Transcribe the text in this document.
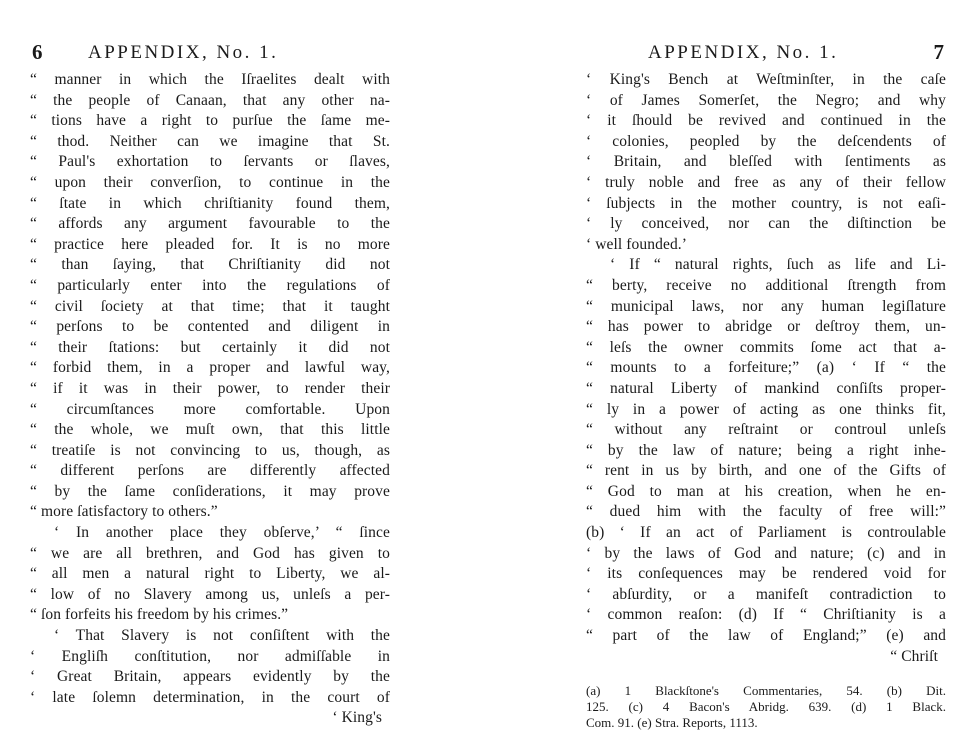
6 APPENDIX, No. 1.
“ manner in which the Iſraelites dealt with
“ the people of Canaan, that any other na-
“ tions have a right to purſue the ſame me-
“ thod. Neither can we imagine that St.
“ Paul's exhortation to ſervants or ſlaves,
“ upon their converſion, to continue in the
“ ſtate in which chriſtianity found them,
“ affords any argument favourable to the
“ practice here pleaded for. It is no more
“ than ſaying, that Chriſtianity did not
“ particularly enter into the regulations of
“ civil ſociety at that time; that it taught
“ perſons to be contented and diligent in
“ their ſtations: but certainly it did not
“ forbid them, in a proper and lawful way,
“ if it was in their power, to render their
“ circumſtances more comfortable. Upon
“ the whole, we muſt own, that this little
“ treatiſe is not convincing to us, though, as
“ different perſons are differently affected
“ by the ſame conſiderations, it may prove
“ more ſatisfactory to others.”
‘ In another place they obſerve,’ “ ſince
“ we are all brethren, and God has given to
“ all men a natural right to Liberty, we al-
“ low of no Slavery among us, unleſs a per-
“ ſon forfeits his freedom by his crimes.”
‘ That Slavery is not conſiſtent with the
‘ Engliſh conſtitution, nor admiſſable in
‘ Great Britain, appears evidently by the
‘ late ſolemn determination, in the court of
‘ King's
APPENDIX, No. 1.	7
‘ King's Bench at Weſtminſter, in the caſe
‘ of James Somerſet, the Negro; and why
‘ it ſhould be revived and continued in the
‘ colonies, peopled by the deſcendents of
‘ Britain, and bleſſed with ſentiments as
‘ truly noble and free as any of their fellow
‘ ſubjects in the mother country, is not eaſi-
‘ ly conceived, nor can the diſtinction be
‘ well founded.’
‘ If “ natural rights, ſuch as life and Li-
“ berty, receive no additional ſtrength from
“ municipal laws, nor any human legiſlature
“ has power to abridge or deſtroy them, un-
“ leſs the owner commits ſome act that a-
“ mounts to a forfeiture;” (a) ‘ If “ the
“ natural Liberty of mankind conſiſts proper-
“ ly in a power of acting as one thinks fit,
“ without any reſtraint or controul unleſs
“ by the law of nature; being a right inhe-
“ rent in us by birth, and one of the Gifts of
“ God to man at his creation, when he en-
“ dued him with the faculty of free will:”
(b) ‘ If an act of Parliament is controulable
‘ by the laws of God and nature; (c) and in
‘ its conſequences may be rendered void for
‘ abſurdity, or a manifeſt contradiction to
‘ common reaſon: (d) If “ Chriſtianity is a
“ part of the law of England;” (e) and
“ Chriſt
(a) 1 Blackſtone's Commentaries, 54. (b) Dit.
125. (c) 4 Bacon's Abridg. 639. (d) 1 Black.
Com. 91. (e) Stra. Reports, 1113.
